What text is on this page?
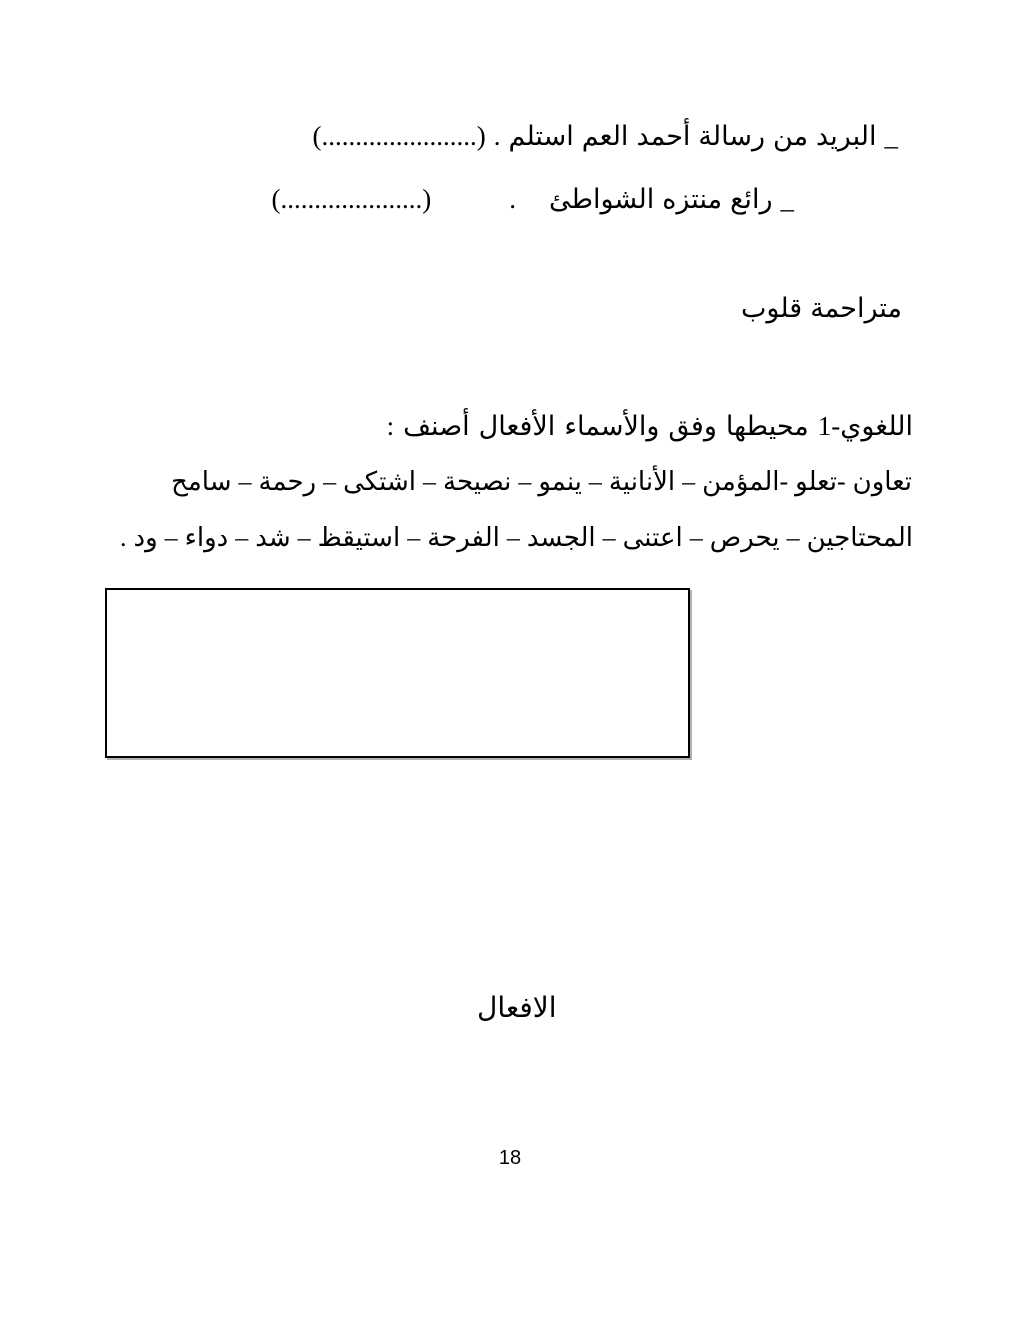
(.......................) . استلم العم أحمد رسالة من البريد _
(.....................)	. الشواطئ منتزه رائع _
قلوب متراحمة
: أصنف الأفعال والأسماء وفق محيطها اللغوي-1
سامح – رحمة – اشتكى – نصيحة – ينمو – الأنانية – المؤمن- تعلو- تعاون
. ود – دواء – شد – استيقظ – الفرحة – الجسد – اعتنى – يحرص – المحتاجين
الافعال
18
